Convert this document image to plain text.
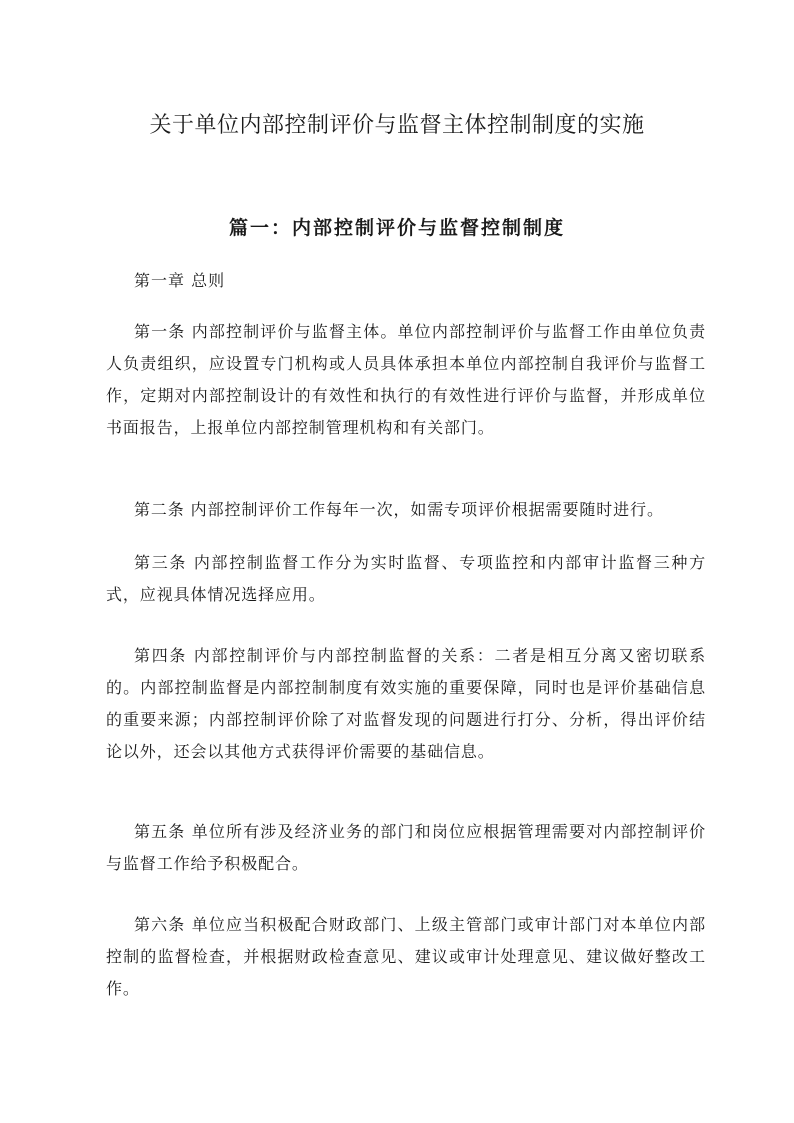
关于单位内部控制评价与监督主体控制制度的实施
篇一：内部控制评价与监督控制制度

第一章 总则

第一条 内部控制评价与监督主体。单位内部控制评价与监督工作由单位负责人负责组织，应设置专门机构或人员具体承担本单位内部控制自我评价与监督工作，定期对内部控制设计的有效性和执行的有效性进行评价与监督，并形成单位书面报告，上报单位内部控制管理机构和有关部门。

第二条 内部控制评价工作每年一次，如需专项评价根据需要随时进行。

第三条 内部控制监督工作分为实时监督、专项监控和内部审计监督三种方式，应视具体情况选择应用。

第四条 内部控制评价与内部控制监督的关系：二者是相互分离又密切联系的。内部控制监督是内部控制制度有效实施的重要保障，同时也是评价基础信息的重要来源；内部控制评价除了对监督发现的问题进行打分、分析，得出评价结论以外，还会以其他方式获得评价需要的基础信息。

第五条 单位所有涉及经济业务的部门和岗位应根据管理需要对内部控制评价与监督工作给予积极配合。

第六条 单位应当积极配合财政部门、上级主管部门或审计部门对本单位内部控制的监督检查，并根据财政检查意见、建议或审计处理意见、建议做好整改工作。
